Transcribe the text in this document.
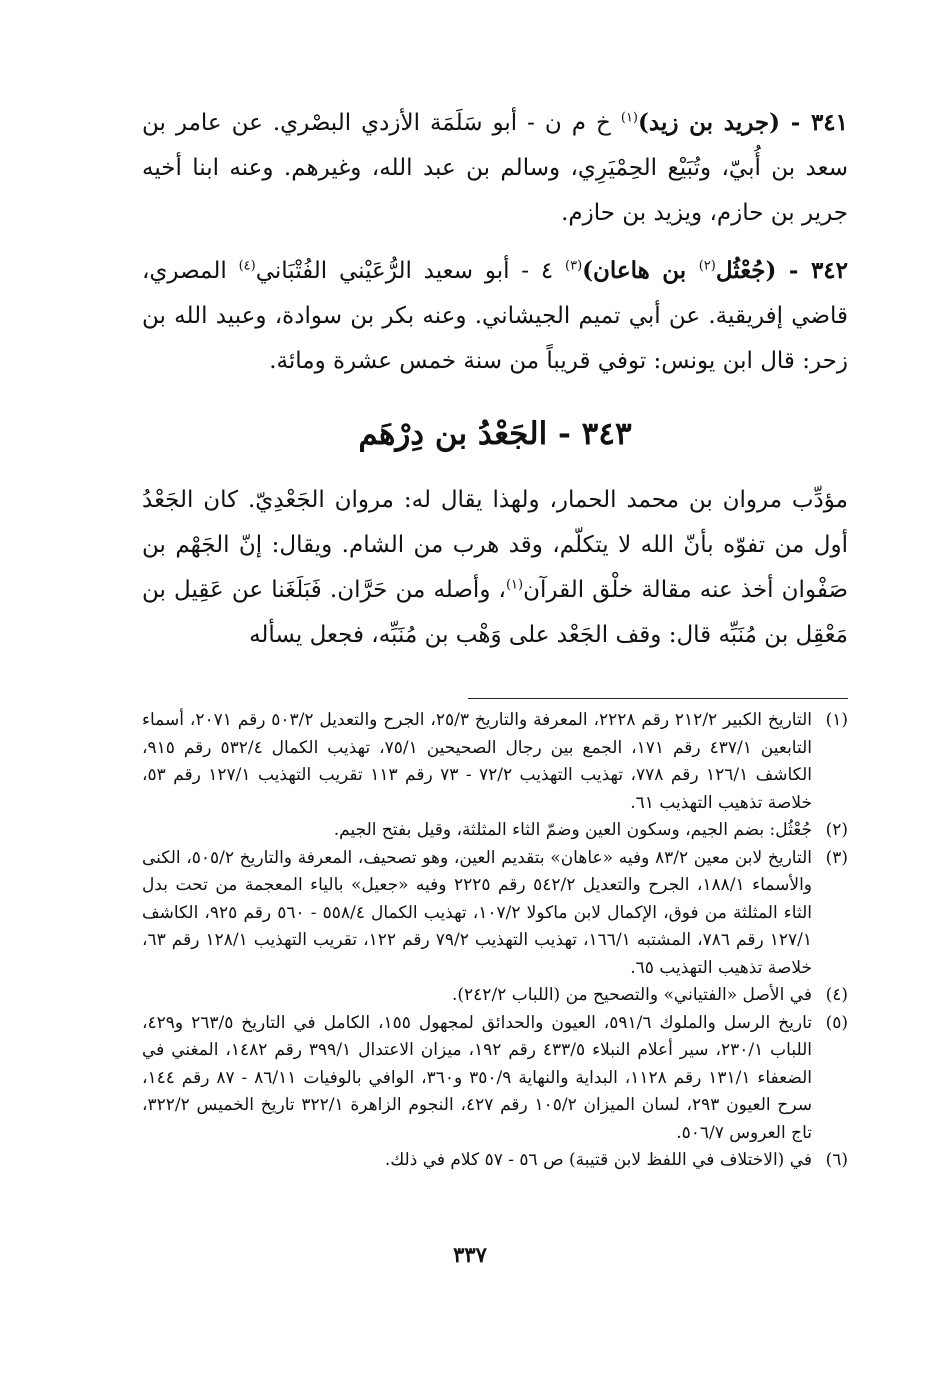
٣٤١ - (جريد بن زيد)$^{(١)}$ خ م ن - أبو سَلَمَة الأزدي البصْري. عن عامر بن سعد بن أُبيّ، وتُبَيْع الحِمْيَرِي، وسالم بن عبد الله، وغيرهم. وعنه ابنا أخيه جرير بن حازم، ويزيد بن حازم.

٣٤٢ - (جُعْثُل$^{(٢)}$ بن هاعان)$^{(٣)}$ ٤ - أبو سعيد الرُّعَيْني الفُتْبَاني$^{(٤)}$ المصري، قاضي إفريقية. عن أبي تميم الجيشاني. وعنه بكر بن سوادة، وعبيد الله بن زحر: قال ابن يونس: توفي قريباً من سنة خمس عشرة ومائة.

٣٤٣ - الجَعْدُ بن دِرْهَم

مؤدِّب مروان بن محمد الحمار، ولهذا يقال له: مروان الجَعْدِيّ. كان الجَعْدُ أول من تفوّه بأنّ الله لا يتكلّم، وقد هرب من الشام. ويقال: إنّ الجَهْم بن صَفْوان أخذ عنه مقالة خلْق القرآن$^{(١)}$، وأصله من حَرَّان. فَبَلَغَنا عن عَقِيل بن مَعْقِل بن مُنَبِّه قال: وقف الجَعْد على وَهْب بن مُنَبِّه، فجعل يسأله

(١)
التاريخ الكبير ٢١٢/٢ رقم ٢٢٢٨، المعرفة والتاريخ ٢٥/٣، الجرح والتعديل ٥٠٣/٢ رقم ٢٠٧١، أسماء التابعين ٤٣٧/١ رقم ١٧١، الجمع بين رجال الصحيحين ٧٥/١، تهذيب الكمال ٥٣٢/٤ رقم ٩١٥، الكاشف ١٢٦/١ رقم ٧٧٨، تهذيب التهذيب ٧٢/٢ - ٧٣ رقم ١١٣ تقريب التهذيب ١٢٧/١ رقم ٥٣، خلاصة تذهيب التهذيب ٦١.
(٢)
جُعْثُل: بضم الجيم، وسكون العين وضمّ الثاء المثلثة، وقيل بفتح الجيم.
(٣)
التاريخ لابن معين ٨٣/٢ وفيه «عاهان» بتقديم العين، وهو تصحيف، المعرفة والتاريخ ٥٠٥/٢، الكنى والأسماء ١٨٨/١، الجرح والتعديل ٥٤٢/٢ رقم ٢٢٢٥ وفيه «جعيل» بالياء المعجمة من تحت بدل الثاء المثلثة من فوق، الإكمال لابن ماكولا ١٠٧/٢، تهذيب الكمال ٥٥٨/٤ - ٥٦٠ رقم ٩٢٥، الكاشف ١٢٧/١ رقم ٧٨٦، المشتبه ١٦٦/١، تهذيب التهذيب ٧٩/٢ رقم ١٢٢، تقريب التهذيب ١٢٨/١ رقم ٦٣، خلاصة تذهيب التهذيب ٦٥.
(٤)
في الأصل «الفتياني» والتصحيح من (اللباب ٢٤٢/٢).
(٥)
تاريخ الرسل والملوك ٥٩١/٦، العيون والحدائق لمجهول ١٥٥، الكامل في التاريخ ٢٦٣/٥ و٤٢٩، اللباب ٢٣٠/١، سير أعلام النبلاء ٤٣٣/٥ رقم ١٩٢، ميزان الاعتدال ٣٩٩/١ رقم ١٤٨٢، المغني في الضعفاء ١٣١/١ رقم ١١٢٨، البداية والنهاية ٣٥٠/٩ و٣٦٠، الوافي بالوفيات ٨٦/١١ - ٨٧ رقم ١٤٤، سرح العيون ٢٩٣، لسان الميزان ١٠٥/٢ رقم ٤٢٧، النجوم الزاهرة ٣٢٢/١ تاريخ الخميس ٣٢٢/٢، تاج العروس ٥٠٦/٧.
(٦)
في (الاختلاف في اللفظ لابن قتيبة) ص ٥٦ - ٥٧ كلام في ذلك.
٣٣٧
